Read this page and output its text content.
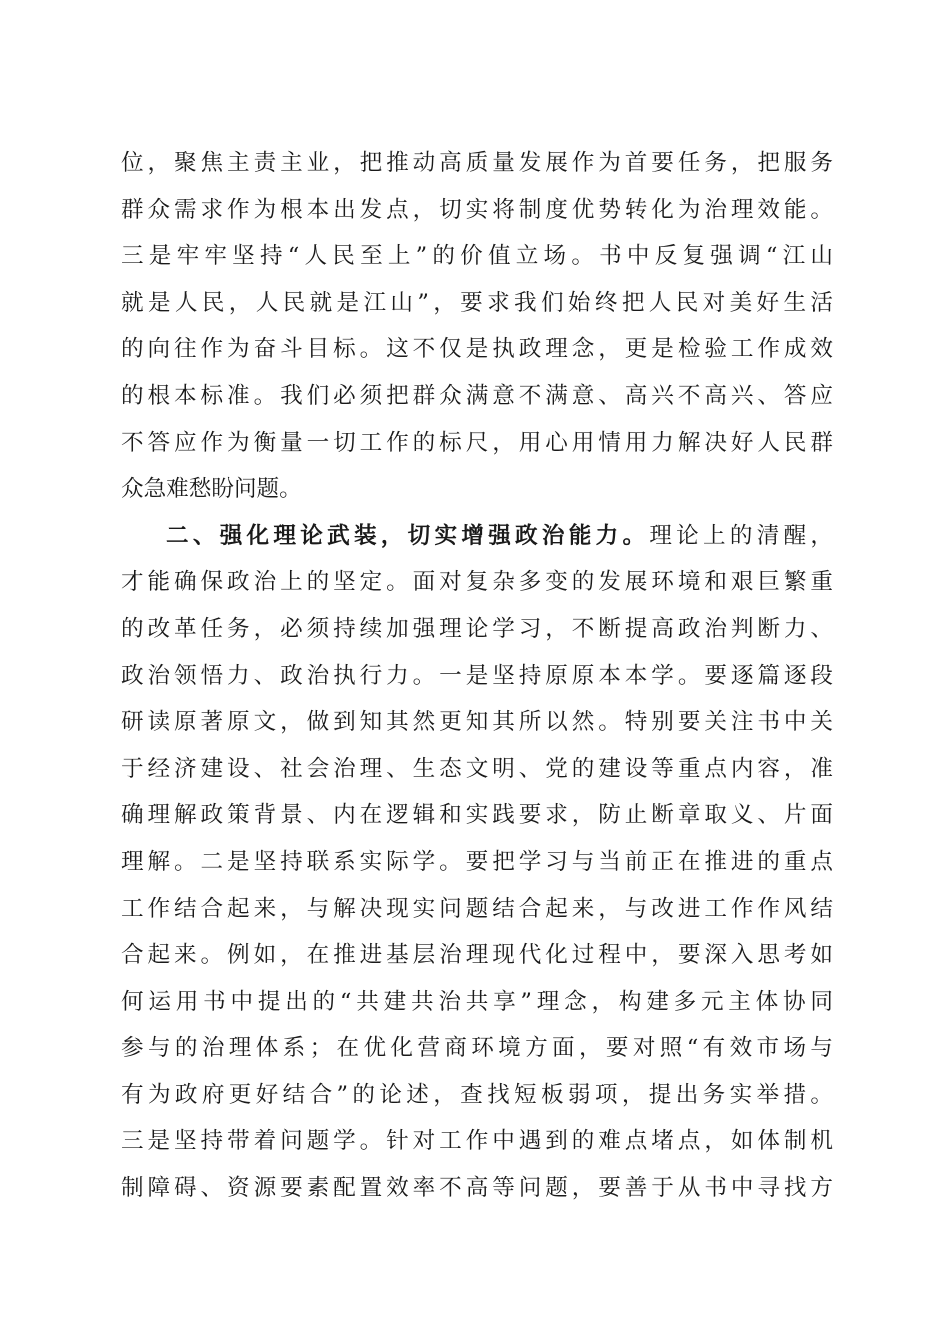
位，聚焦主责主业，把推动高质量发展作为首要任务，把服务
群众需求作为根本出发点，切实将制度优势转化为治理效能。
三是牢牢坚持“人民至上”的价值立场。书中反复强调“江山
就是人民，人民就是江山”，要求我们始终把人民对美好生活
的向往作为奋斗目标。这不仅是执政理念，更是检验工作成效
的根本标准。我们必须把群众满意不满意、高兴不高兴、答应
不答应作为衡量一切工作的标尺，用心用情用力解决好人民群
众急难愁盼问题。
二、强化理论武装，切实增强政治能力。理论上的清醒，
才能确保政治上的坚定。面对复杂多变的发展环境和艰巨繁重
的改革任务，必须持续加强理论学习，不断提高政治判断力、
政治领悟力、政治执行力。一是坚持原原本本学。要逐篇逐段
研读原著原文，做到知其然更知其所以然。特别要关注书中关
于经济建设、社会治理、生态文明、党的建设等重点内容，准
确理解政策背景、内在逻辑和实践要求，防止断章取义、片面
理解。二是坚持联系实际学。要把学习与当前正在推进的重点
工作结合起来，与解决现实问题结合起来，与改进工作作风结
合起来。例如，在推进基层治理现代化过程中，要深入思考如
何运用书中提出的“共建共治共享”理念，构建多元主体协同
参与的治理体系；在优化营商环境方面，要对照“有效市场与
有为政府更好结合”的论述，查找短板弱项，提出务实举措。
三是坚持带着问题学。针对工作中遇到的难点堵点，如体制机
制障碍、资源要素配置效率不高等问题，要善于从书中寻找方
